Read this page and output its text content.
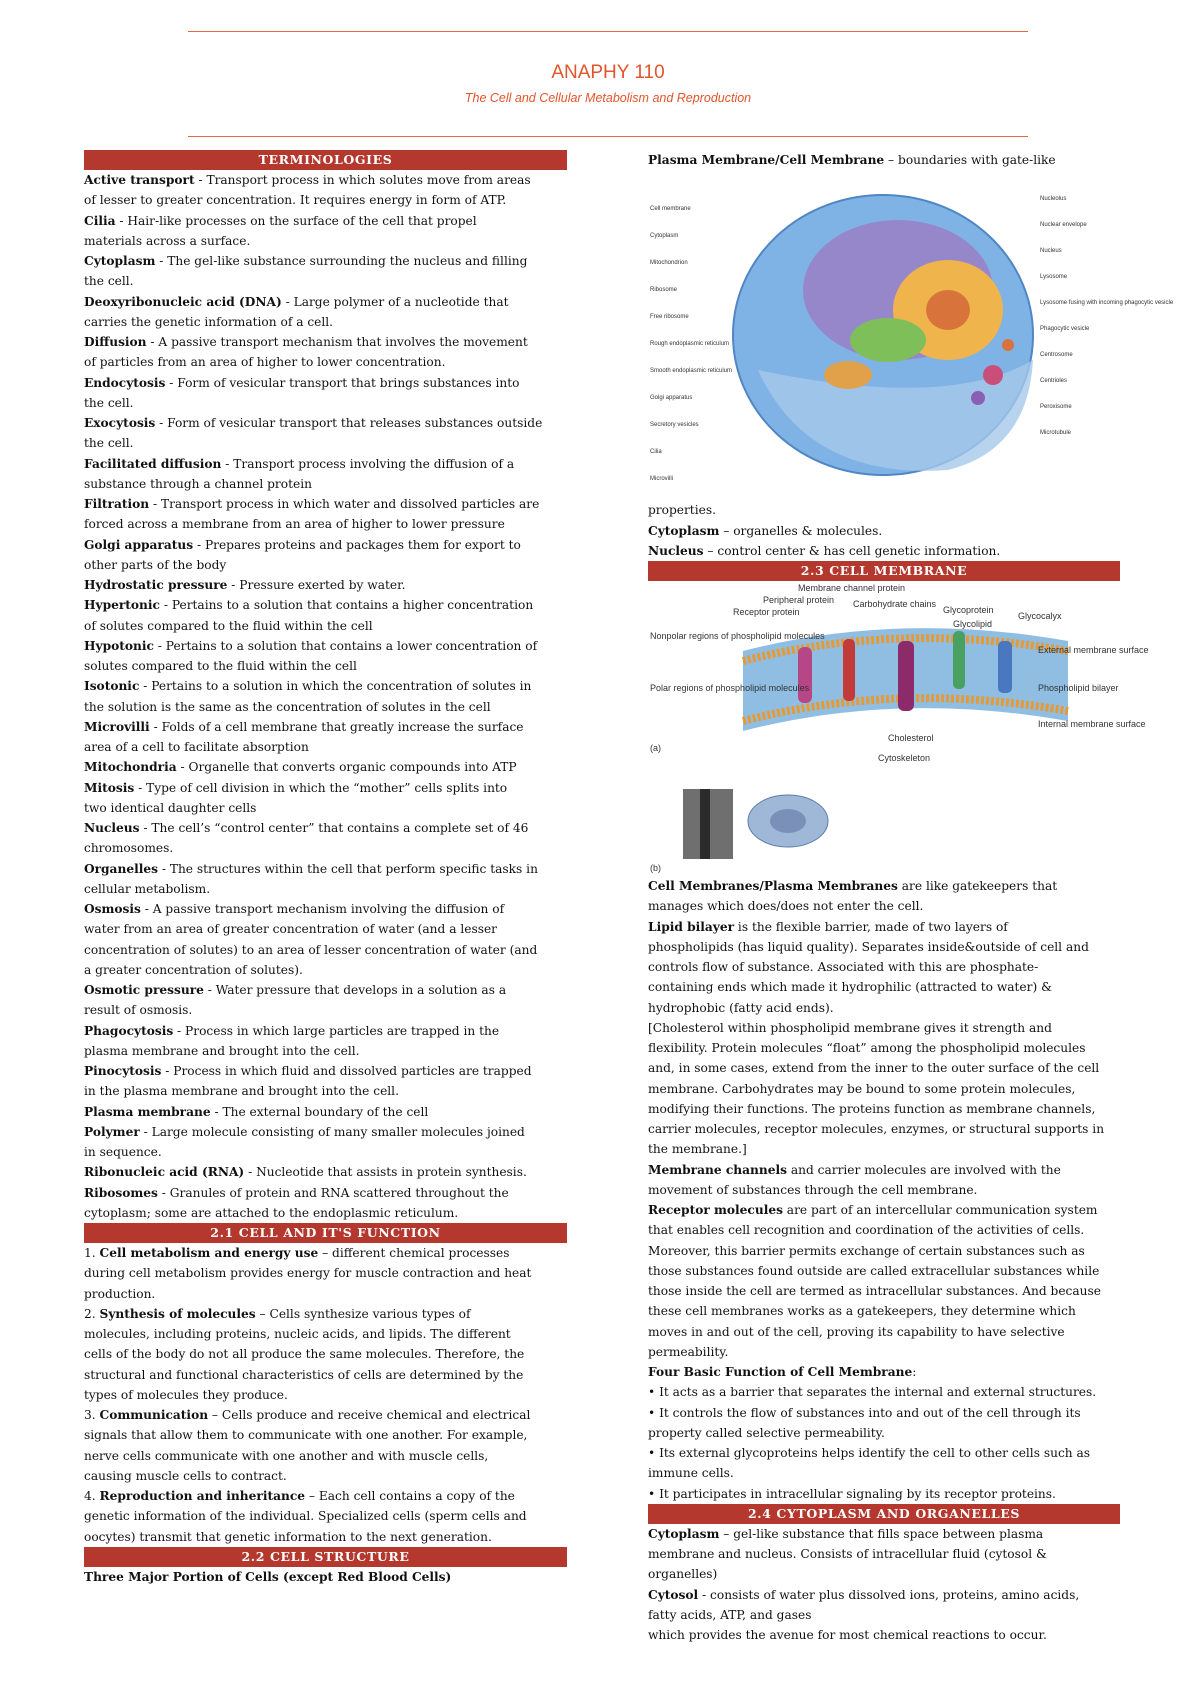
ANAPHY 110
The Cell and Cellular Metabolism and Reproduction
TERMINOLOGIES
Active transport - Transport process in which solutes move from areas
of lesser to greater concentration. It requires energy in form of ATP.
Cilia - Hair-like processes on the surface of the cell that propel
materials across a surface.
Cytoplasm - The gel-like substance surrounding the nucleus and filling
the cell.
Deoxyribonucleic acid (DNA) - Large polymer of a nucleotide that
carries the genetic information of a cell.
Diffusion - A passive transport mechanism that involves the movement
of particles from an area of higher to lower concentration.
Endocytosis - Form of vesicular transport that brings substances into
the cell.
Exocytosis - Form of vesicular transport that releases substances outside
the cell.
Facilitated diffusion - Transport process involving the diffusion of a
substance through a channel protein
Filtration - Transport process in which water and dissolved particles are
forced across a membrane from an area of higher to lower pressure
Golgi apparatus - Prepares proteins and packages them for export to
other parts of the body
Hydrostatic pressure - Pressure exerted by water.
Hypertonic - Pertains to a solution that contains a higher concentration
of solutes compared to the fluid within the cell
Hypotonic - Pertains to a solution that contains a lower concentration of
solutes compared to the fluid within the cell
Isotonic - Pertains to a solution in which the concentration of solutes in
the solution is the same as the concentration of solutes in the cell
Microvilli - Folds of a cell membrane that greatly increase the surface
area of a cell to facilitate absorption
Mitochondria - Organelle that converts organic compounds into ATP
Mitosis - Type of cell division in which the “mother” cells splits into
two identical daughter cells
Nucleus - The cell’s “control center” that contains a complete set of 46
chromosomes.
Organelles - The structures within the cell that perform specific tasks in
cellular metabolism.
Osmosis - A passive transport mechanism involving the diffusion of
water from an area of greater concentration of water (and a lesser
concentration of solutes) to an area of lesser concentration of water (and
a greater concentration of solutes).
Osmotic pressure - Water pressure that develops in a solution as a
result of osmosis.
Phagocytosis - Process in which large particles are trapped in the
plasma membrane and brought into the cell.
Pinocytosis - Process in which fluid and dissolved particles are trapped
in the plasma membrane and brought into the cell.
Plasma membrane - The external boundary of the cell
Polymer - Large molecule consisting of many smaller molecules joined
in sequence.
Ribonucleic acid (RNA) - Nucleotide that assists in protein synthesis.
Ribosomes - Granules of protein and RNA scattered throughout the
cytoplasm; some are attached to the endoplasmic reticulum.
2.1 CELL AND IT'S FUNCTION
1. Cell metabolism and energy use – different chemical processes
during cell metabolism provides energy for muscle contraction and heat
production.
2. Synthesis of molecules – Cells synthesize various types of
molecules, including proteins, nucleic acids, and lipids. The different
cells of the body do not all produce the same molecules. Therefore, the
structural and functional characteristics of cells are determined by the
types of molecules they produce.
3. Communication – Cells produce and receive chemical and electrical
signals that allow them to communicate with one another. For example,
nerve cells communicate with one another and with muscle cells,
causing muscle cells to contract.
4. Reproduction and inheritance – Each cell contains a copy of the
genetic information of the individual. Specialized cells (sperm cells and
oocytes) transmit that genetic information to the next generation.
2.2 CELL STRUCTURE
Three Major Portion of Cells (except Red Blood Cells)
Plasma Membrane/Cell Membrane – boundaries with gate-like
Cell membrane
Cytoplasm
Mitochondrion
Ribosome
Free ribosome
Rough endoplasmic reticulum
Smooth endoplasmic reticulum
Golgi apparatus
Secretory vesicles
Cilia
Microvilli
Nucleolus
Nuclear envelope
Nucleus
Lysosome
Lysosome fusing with incoming phagocytic vesicle
Phagocytic vesicle
Centrosome
Centrioles
Peroxisome
Microtubule
properties.
Cytoplasm – organelles & molecules.
Nucleus – control center & has cell genetic information.
2.3 CELL MEMBRANE
Membrane channel protein
Peripheral protein
Receptor protein
Carbohydrate chains
Glycoprotein
Glycolipid
Glycocalyx
Nonpolar regions of phospholipid molecules
External membrane surface
Polar regions of phospholipid molecules	Phospholipid bilayer
Cholesterol
Internal membrane surface
Cytoskeleton
(a)
(b)
Cell Membranes/Plasma Membranes are like gatekeepers that
manages which does/does not enter the cell.
Lipid bilayer is the flexible barrier, made of two layers of
phospholipids (has liquid quality). Separates inside&outside of cell and
controls flow of substance. Associated with this are phosphate-
containing ends which made it hydrophilic (attracted to water) &
hydrophobic (fatty acid ends).
[Cholesterol within phospholipid membrane gives it strength and
flexibility. Protein molecules “float” among the phospholipid molecules
and, in some cases, extend from the inner to the outer surface of the cell
membrane. Carbohydrates may be bound to some protein molecules,
modifying their functions. The proteins function as membrane channels,
carrier molecules, receptor molecules, enzymes, or structural supports in
the membrane.]
Membrane channels and carrier molecules are involved with the
movement of substances through the cell membrane.
Receptor molecules are part of an intercellular communication system
that enables cell recognition and coordination of the activities of cells.
Moreover, this barrier permits exchange of certain substances such as
those substances found outside are called extracellular substances while
those inside the cell are termed as intracellular substances. And because
these cell membranes works as a gatekeepers, they determine which
moves in and out of the cell, proving its capability to have selective
permeability.
Four Basic Function of Cell Membrane:
• It acts as a barrier that separates the internal and external structures.
• It controls the flow of substances into and out of the cell through its
property called selective permeability.
• Its external glycoproteins helps identify the cell to other cells such as
immune cells.
• It participates in intracellular signaling by its receptor proteins.
2.4 CYTOPLASM AND ORGANELLES
Cytoplasm – gel-like substance that fills space between plasma
membrane and nucleus. Consists of intracellular fluid (cytosol &
organelles)
Cytosol - consists of water plus dissolved ions, proteins, amino acids,
fatty acids, ATP, and gases
which provides the avenue for most chemical reactions to occur.
